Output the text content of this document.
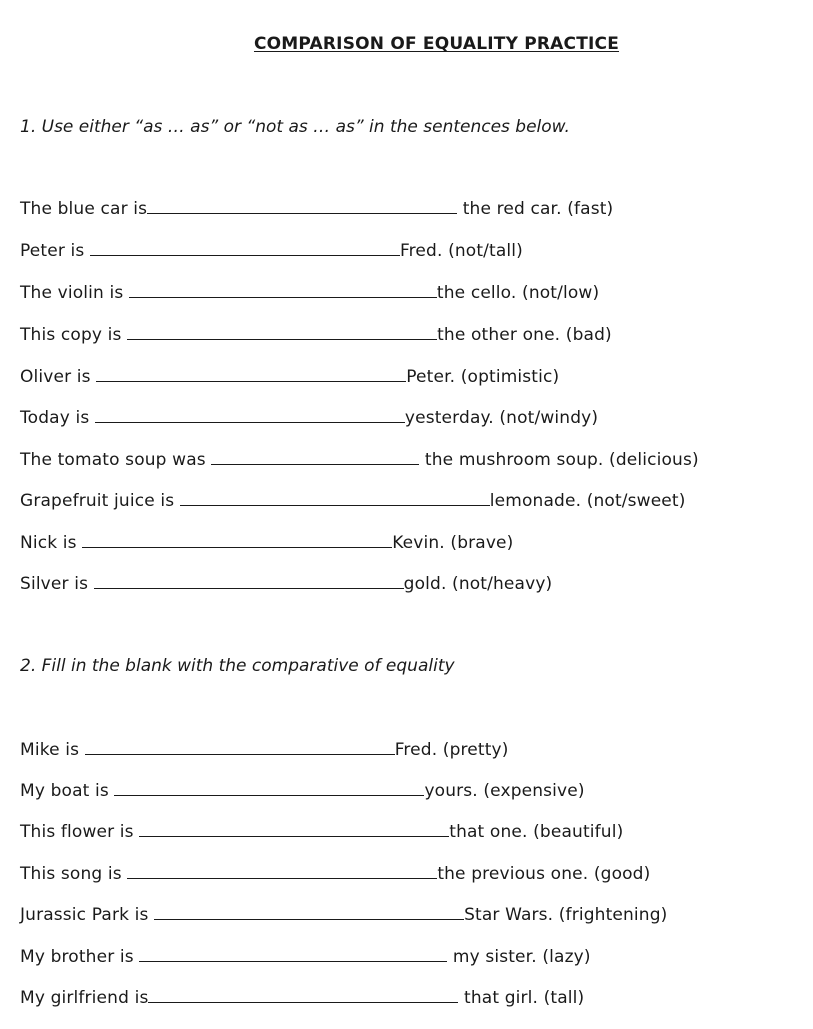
COMPARISON OF EQUALITY PRACTICE
1. Use either “as … as” or “not as … as” in the sentences below.
The blue car is	the red car. (fast)
Peter is	Fred. (not/tall)
The violin is	the cello. (not/low)
This copy is	the other one. (bad)
Oliver is	Peter. (optimistic)
Today is	yesterday. (not/windy)
The tomato soup was	the mushroom soup. (delicious)
Grapefruit juice is	lemonade. (not/sweet)
Nick is	Kevin. (brave)
Silver is	gold. (not/heavy)
2. Fill in the blank with the comparative of equality
Mike is	Fred. (pretty)
My boat is	yours. (expensive)
This flower is	that one. (beautiful)
This song is	the previous one. (good)
Jurassic Park is	Star Wars. (frightening)
My brother is	my sister. (lazy)
My girlfriend is	that girl. (tall)
